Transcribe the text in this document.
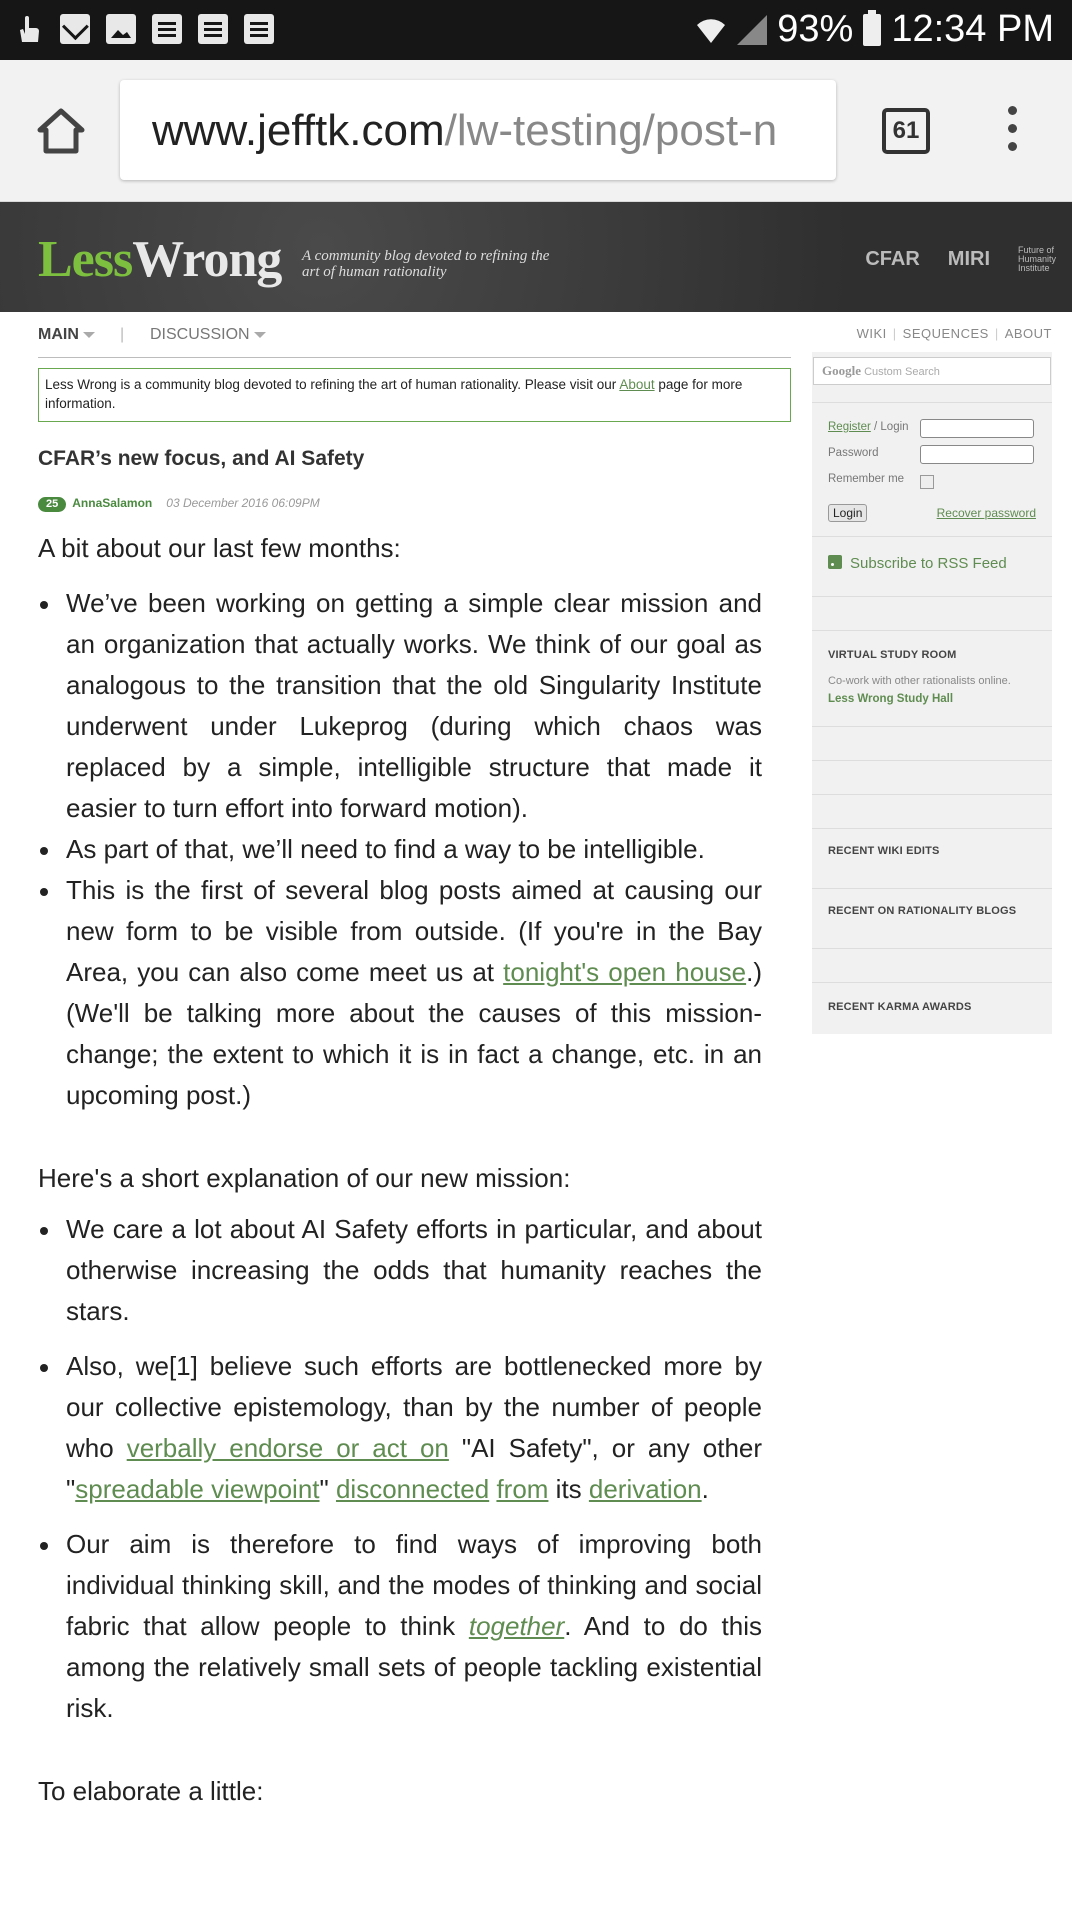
93% 12:34 PM
www.jefftk.com/lw-testing/post-n	61
LessWrong A community blog devoted to refining the art of human rationality
CFAR MIRI	Future of Humanity Institute
MAIN	| DISCUSSION	WIKI | SEQUENCES | ABOUT
Less Wrong is a community blog devoted to refining the art of human rationality. Please visit our About page for more information.
CFAR’s new focus, and AI Safety
25 AnnaSalamon 03 December 2016 06:09PM

A bit about our last few months:

We’ve been working on getting a simple clear mission and an organization that actually works. We think of our goal as analogous to the transition that the old Singularity Institute underwent under Lukeprog (during which chaos was replaced by a simple, intelligible structure that made it easier to turn effort into forward motion).
As part of that, we’ll need to find a way to be intelligible.
This is the first of several blog posts aimed at causing our new form to be visible from outside. (If you're in the Bay Area, you can also come meet us at tonight's open house.) (We'll be talking more about the causes of this mission-change; the extent to which it is in fact a change, etc. in an upcoming post.)

Here's a short explanation of our new mission:

We care a lot about AI Safety efforts in particular, and about otherwise increasing the odds that humanity reaches the stars.
Also, we[1] believe such efforts are bottlenecked more by our collective epistemology, than by the number of people who verbally endorse or act on "AI Safety", or any other "spreadable viewpoint" disconnected from its derivation.
Our aim is therefore to find ways of improving both individual thinking skill, and the modes of thinking and social fabric that allow people to think together. And to do this among the relatively small sets of people tackling existential risk.

To elaborate a little:

Google Custom Search
Register / Login
Password
Remember me
Login	Recover password
Subscribe to RSS Feed
VIRTUAL STUDY ROOM
Co-work with other rationalists online.
Less Wrong Study Hall
RECENT WIKI EDITS
RECENT ON RATIONALITY BLOGS
RECENT KARMA AWARDS
